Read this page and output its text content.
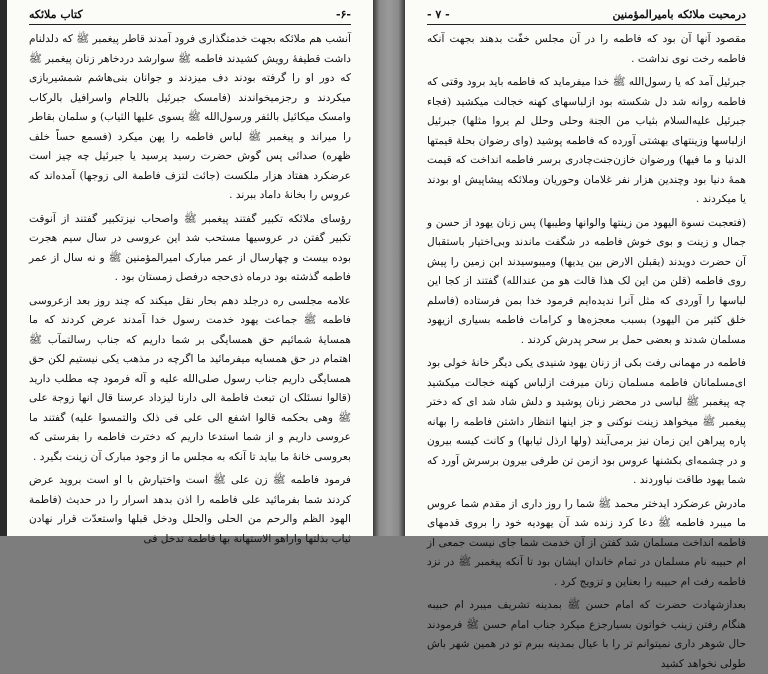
کتاب ملائکه	-۶-

آنشب هم ملائکه بجهت خدمتگذاری فرود آمدند قاطر پیغمبر ﷺ که دلدلنام داشت قطیفهٔ رویش کشیدند فاطمه ﷺ سوارشد دردخاهر زنان پیغمبر ﷺ که دور او را گرفته بودند دف میزدند و جوانان بنی‌هاشم شمشیربازی میکردند و رجزمیخواندند (فامسک جبرئیل باللجام واسرافیل بالرکاب وامسک میکائیل بالثفر ورسول‌الله ﷺ یسوی علیها الثیاب) و سلمان بقاطر را میراند و پیغمبر ﷺ لباس فاطمه را پهن میکرد (فسمع حساً خلف ظهره) صدائی پس گوش حضرت رسید پرسید یا جبرئیل چه چیز است عرضکرد هفتاد هزار ملکست (جائت لتزف فاطمة الی زوجها) آمده‌اند که عروس را بخانهٔ داماد ببرند .

رؤسای ملائکه تکبیر گفتند پیغمبر ﷺ واصحاب نیزتکبیر گفتند از آنوقت تکبیر گفتن در عروسیها مستحب شد این عروسی در سال سیم هجرت بوده بیست و چهارسال از عمر مبارک امیرالمؤمنین ﷺ و نه سال از عمر فاطمه گذشته بود درماه ذی‌حجه درفصل زمستان بود .

علامه مجلسی ره درجلد دهم بحار نقل میکند که چند روز بعد ازعروسی فاطمه ﷺ جماعت یهود خدمت رسول خدا آمدند عرض کردند که ما همسایهٔ شمائیم حق همسایگی بر شما داریم که جناب رسالتمآب ﷺ اهتمام در حق همسایه میفرمائید ما اگرچه در مذهب یکی نیستیم لکن حق همسایگی داریم جناب رسول صلی‌الله علیه و آله فرمود چه مطلب دارید (قالوا نسئلک ان تبعث فاطمة الی دارنا لیزداد عرسنا قال انها زوجة علی ﷺ وهی بحکمه قالوا اشفع الی علی فی ذلک والتمسوا علیه) گفتند ما عروسی داریم و از شما استدعا داریم که دخترت فاطمه را بفرستی که بعروسی خانهٔ ما بیاید تا آنکه به مجلس ما از وجود مبارک آن زینت بگیرد .

فرمود فاطمه ﷺ زن علی ﷺ است واختیارش با او است بروید عرض کردند شما بفرمائید علی فاطمه را اذن بدهد اسرار را در حدیث (فاطمة الهود الظم والرحم من الحلی والحلل ودخل قبلها واستعدّت قرار نهادن ثیاب بذلتها واراهو الاستهانة بها فاطمة تدخل فی

- ۷ -	درمحبت ملائکه بامیرالمؤمنین

مقصود آنها آن بود که فاطمه را در آن مجلس خفّت بدهند بجهت آنکه فاطمه رخت نوی نداشت .

جبرئیل آمد که یا رسول‌الله ﷺ خدا میفرماید که فاطمه باید برود وقتی که فاطمه روانه شد دل شکسته بود ازلباسهای کهنه خجالت میکشید (فجاء جبرئیل علیه‌السلام بثیاب من الجنة وحلی وحلل لم یروا مثلها) جبرئیل ازلباسها وزینتهای بهشتی آورده که فاطمه پوشید (وای رضوان بحلة قیمتها الدنیا و ما فیها) ورضوان خازن‌جنت‌چادری برسر فاطمه انداخت که قیمت همهٔ دنیا بود وچندین هزار نفر غلامان وحوریان وملائکه پیشاپیش او بودند یا میکردند .

(فتعجبت نسوة الیهود من زینتها والوانها وطیبها) پس زنان یهود از حسن و جمال و زینت و بوی خوش فاطمه در شگفت ماندند وبی‌اختیار باستقبال آن حضرت دویدند (یقبلن الارض بین یدیها) ومیبوسیدند ابن زمین را پیش روی فاطمه (قلن من این لک هذا قالت هو من عندالله) گفتند از کجا این لباسها را آوردی که مثل آنرا ندیده‌ایم فرمود خدا بمن فرستاده (فاسلم خلق کثیر من الیهود) بسبب معجزه‌ها و کرامات فاطمه بسیاری ازیهود مسلمان شدند و بعضی حمل بر سحر پدرش کردند .

فاطمه در مهمانی رفت بکی از زنان یهود شنیدی یکی دیگر خانهٔ خولی بود ای‌مسلمانان فاطمه مسلمان زنان میرفت ازلباس کهنه خجالت میکشید چه پیغمبر ﷺ لباسی در محضر زنان پوشید و دلش شاد شد ای که دختر پیغمبر ﷺ میخواهد زینت نوکنی و جز اینها انتظار داشتن فاطمه را بهانه پاره پیراهن این زمان نیز برمی‌آیند (ولها ارذل ثیابها) و کانت کیسه بیرون و در چشمه‌ای بکشنها عروس بود ازمن تن طرفی بیرون برسرش آورد که شما یهود طاقت نیاوردند .

مادرش عرضکرد ایدختر محمد ﷺ شما را روز داری از مقدم شما عروس ما میبرد فاطمه ﷺ دعا کرد زنده شد آن یهودیه خود را بروی قدمهای فاطمه انداخت مسلمان شد کفتن از آن خدمت شما جای نیست جمعی از ام حبیبه نام مسلمان در تمام خاندان ایشان بود تا آنکه پیغمبر ﷺ در نزد فاطمه رفت ام حبیبه را بعناین و تزویج کرد .

بعدازشهادت حضرت که امام حسن ﷺ بمدینه تشریف میبرد ام حبیبه هنگام رفتن زینب خواتون بسیارجزع میکرد جناب امام حسن ﷺ فرمودند حال شوهر داری نمیتوانم تر را با عیال بمدینه ببرم تو در همین شهر باش طولی نخواهد کشید
